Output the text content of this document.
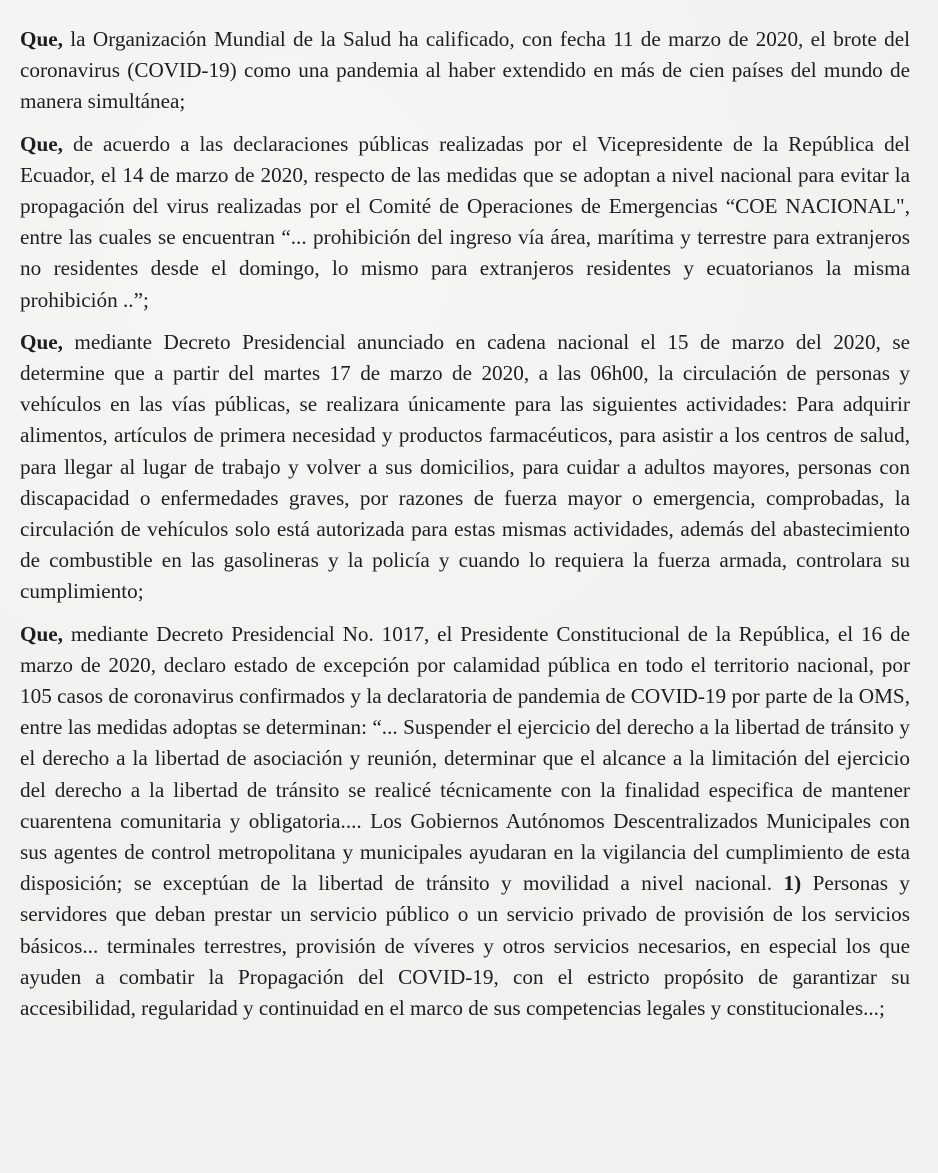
Que, la Organización Mundial de la Salud ha calificado, con fecha 11 de marzo de 2020, el brote del coronavirus (COVID-19) como una pandemia al haber extendido en más de cien países del mundo de manera simultánea;

Que, de acuerdo a las declaraciones públicas realizadas por el Vicepresidente de la República del Ecuador, el 14 de marzo de 2020, respecto de las medidas que se adoptan a nivel nacional para evitar la propagación del virus realizadas por el Comité de Operaciones de Emergencias “COE NACIONAL", entre las cuales se encuentran “... prohibición del ingreso vía área, marítima y terrestre para extranjeros no residentes desde el domingo, lo mismo para extranjeros residentes y ecuatorianos la misma prohibición ..”;

Que, mediante Decreto Presidencial anunciado en cadena nacional el 15 de marzo del 2020, se determine que a partir del martes 17 de marzo de 2020, a las 06h00, la circulación de personas y vehículos en las vías públicas, se realizara únicamente para las siguientes actividades: Para adquirir alimentos, artículos de primera necesidad y productos farmacéuticos, para asistir a los centros de salud, para llegar al lugar de trabajo y volver a sus domicilios, para cuidar a adultos mayores, personas con discapacidad o enfermedades graves, por razones de fuerza mayor o emergencia, comprobadas, la circulación de vehículos solo está autorizada para estas mismas actividades, además del abastecimiento de combustible en las gasolineras y la policía y cuando lo requiera la fuerza armada, controlara su cumplimiento;

Que, mediante Decreto Presidencial No. 1017, el Presidente Constitucional de la República, el 16 de marzo de 2020, declaro estado de excepción por calamidad pública en todo el territorio nacional, por 105 casos de coronavirus confirmados y la declaratoria de pandemia de COVID-19 por parte de la OMS, entre las medidas adoptas se determinan: “... Suspender el ejercicio del derecho a la libertad de tránsito y el derecho a la libertad de asociación y reunión, determinar que el alcance a la limitación del ejercicio del derecho a la libertad de tránsito se realicé técnicamente con la finalidad especifica de mantener cuarentena comunitaria y obligatoria.... Los Gobiernos Autónomos Descentralizados Municipales con sus agentes de control metropolitana y municipales ayudaran en la vigilancia del cumplimiento de esta disposición; se exceptúan de la libertad de tránsito y movilidad a nivel nacional. 1) Personas y servidores que deban prestar un servicio público o un servicio privado de provisión de los servicios básicos... terminales terrestres, provisión de víveres y otros servicios necesarios, en especial los que ayuden a combatir la Propagación del COVID-19, con el estricto propósito de garantizar su accesibilidad, regularidad y continuidad en el marco de sus competencias legales y constitucionales...;
